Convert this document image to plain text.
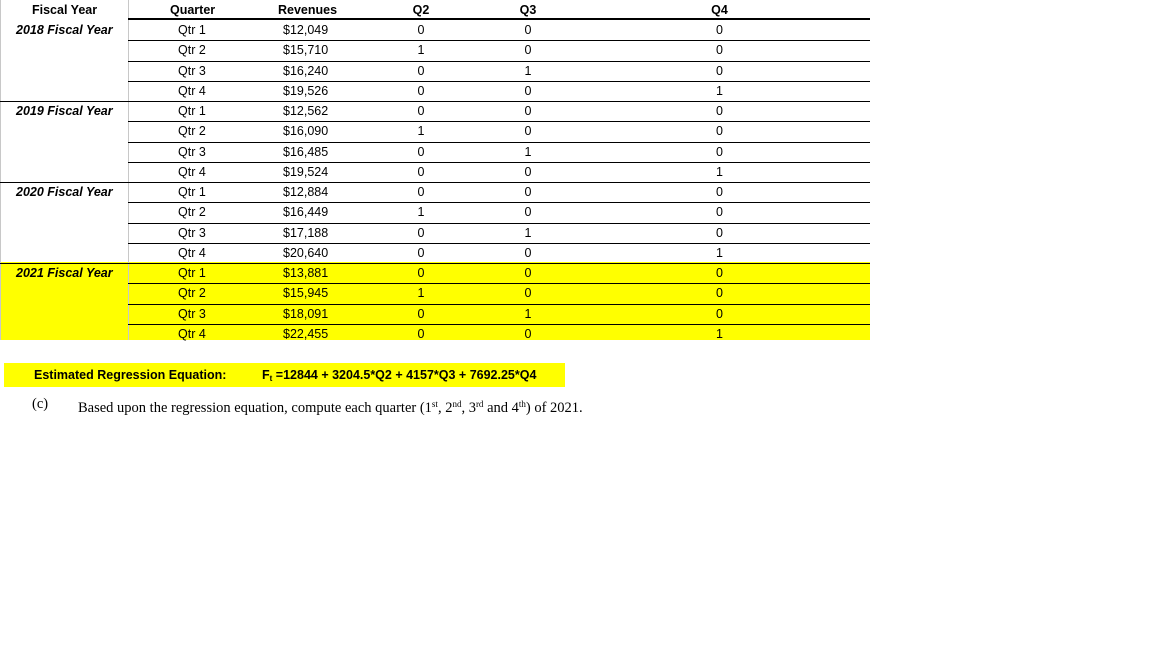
Fiscal Year	Quarter	Revenues	Q2	Q3	Q4
2018 Fiscal Year	Qtr 1	$12,049	0	0	0
Qtr 2	$15,710	1	0	0
Qtr 3	$16,240	0	1	0
Qtr 4	$19,526	0	0	1
2019 Fiscal Year	Qtr 1	$12,562	0	0	0
Qtr 2	$16,090	1	0	0
Qtr 3	$16,485	0	1	0
Qtr 4	$19,524	0	0	1
2020 Fiscal Year	Qtr 1	$12,884	0	0	0
Qtr 2	$16,449	1	0	0
Qtr 3	$17,188	0	1	0
Qtr 4	$20,640	0	0	1
2021 Fiscal Year	Qtr 1	$13,881	0	0	0
Qtr 2	$15,945	1	0	0
Qtr 3	$18,091	0	1	0
Qtr 4	$22,455	0	0	1
Estimated Regression Equation:	$F_t =12844 + 3204.5*Q2 + 4157*Q3 + 7692.25*Q4$
(c) Based upon the regression equation, compute each quarter (1st, 2nd, 3rd and 4th) of 2021.
